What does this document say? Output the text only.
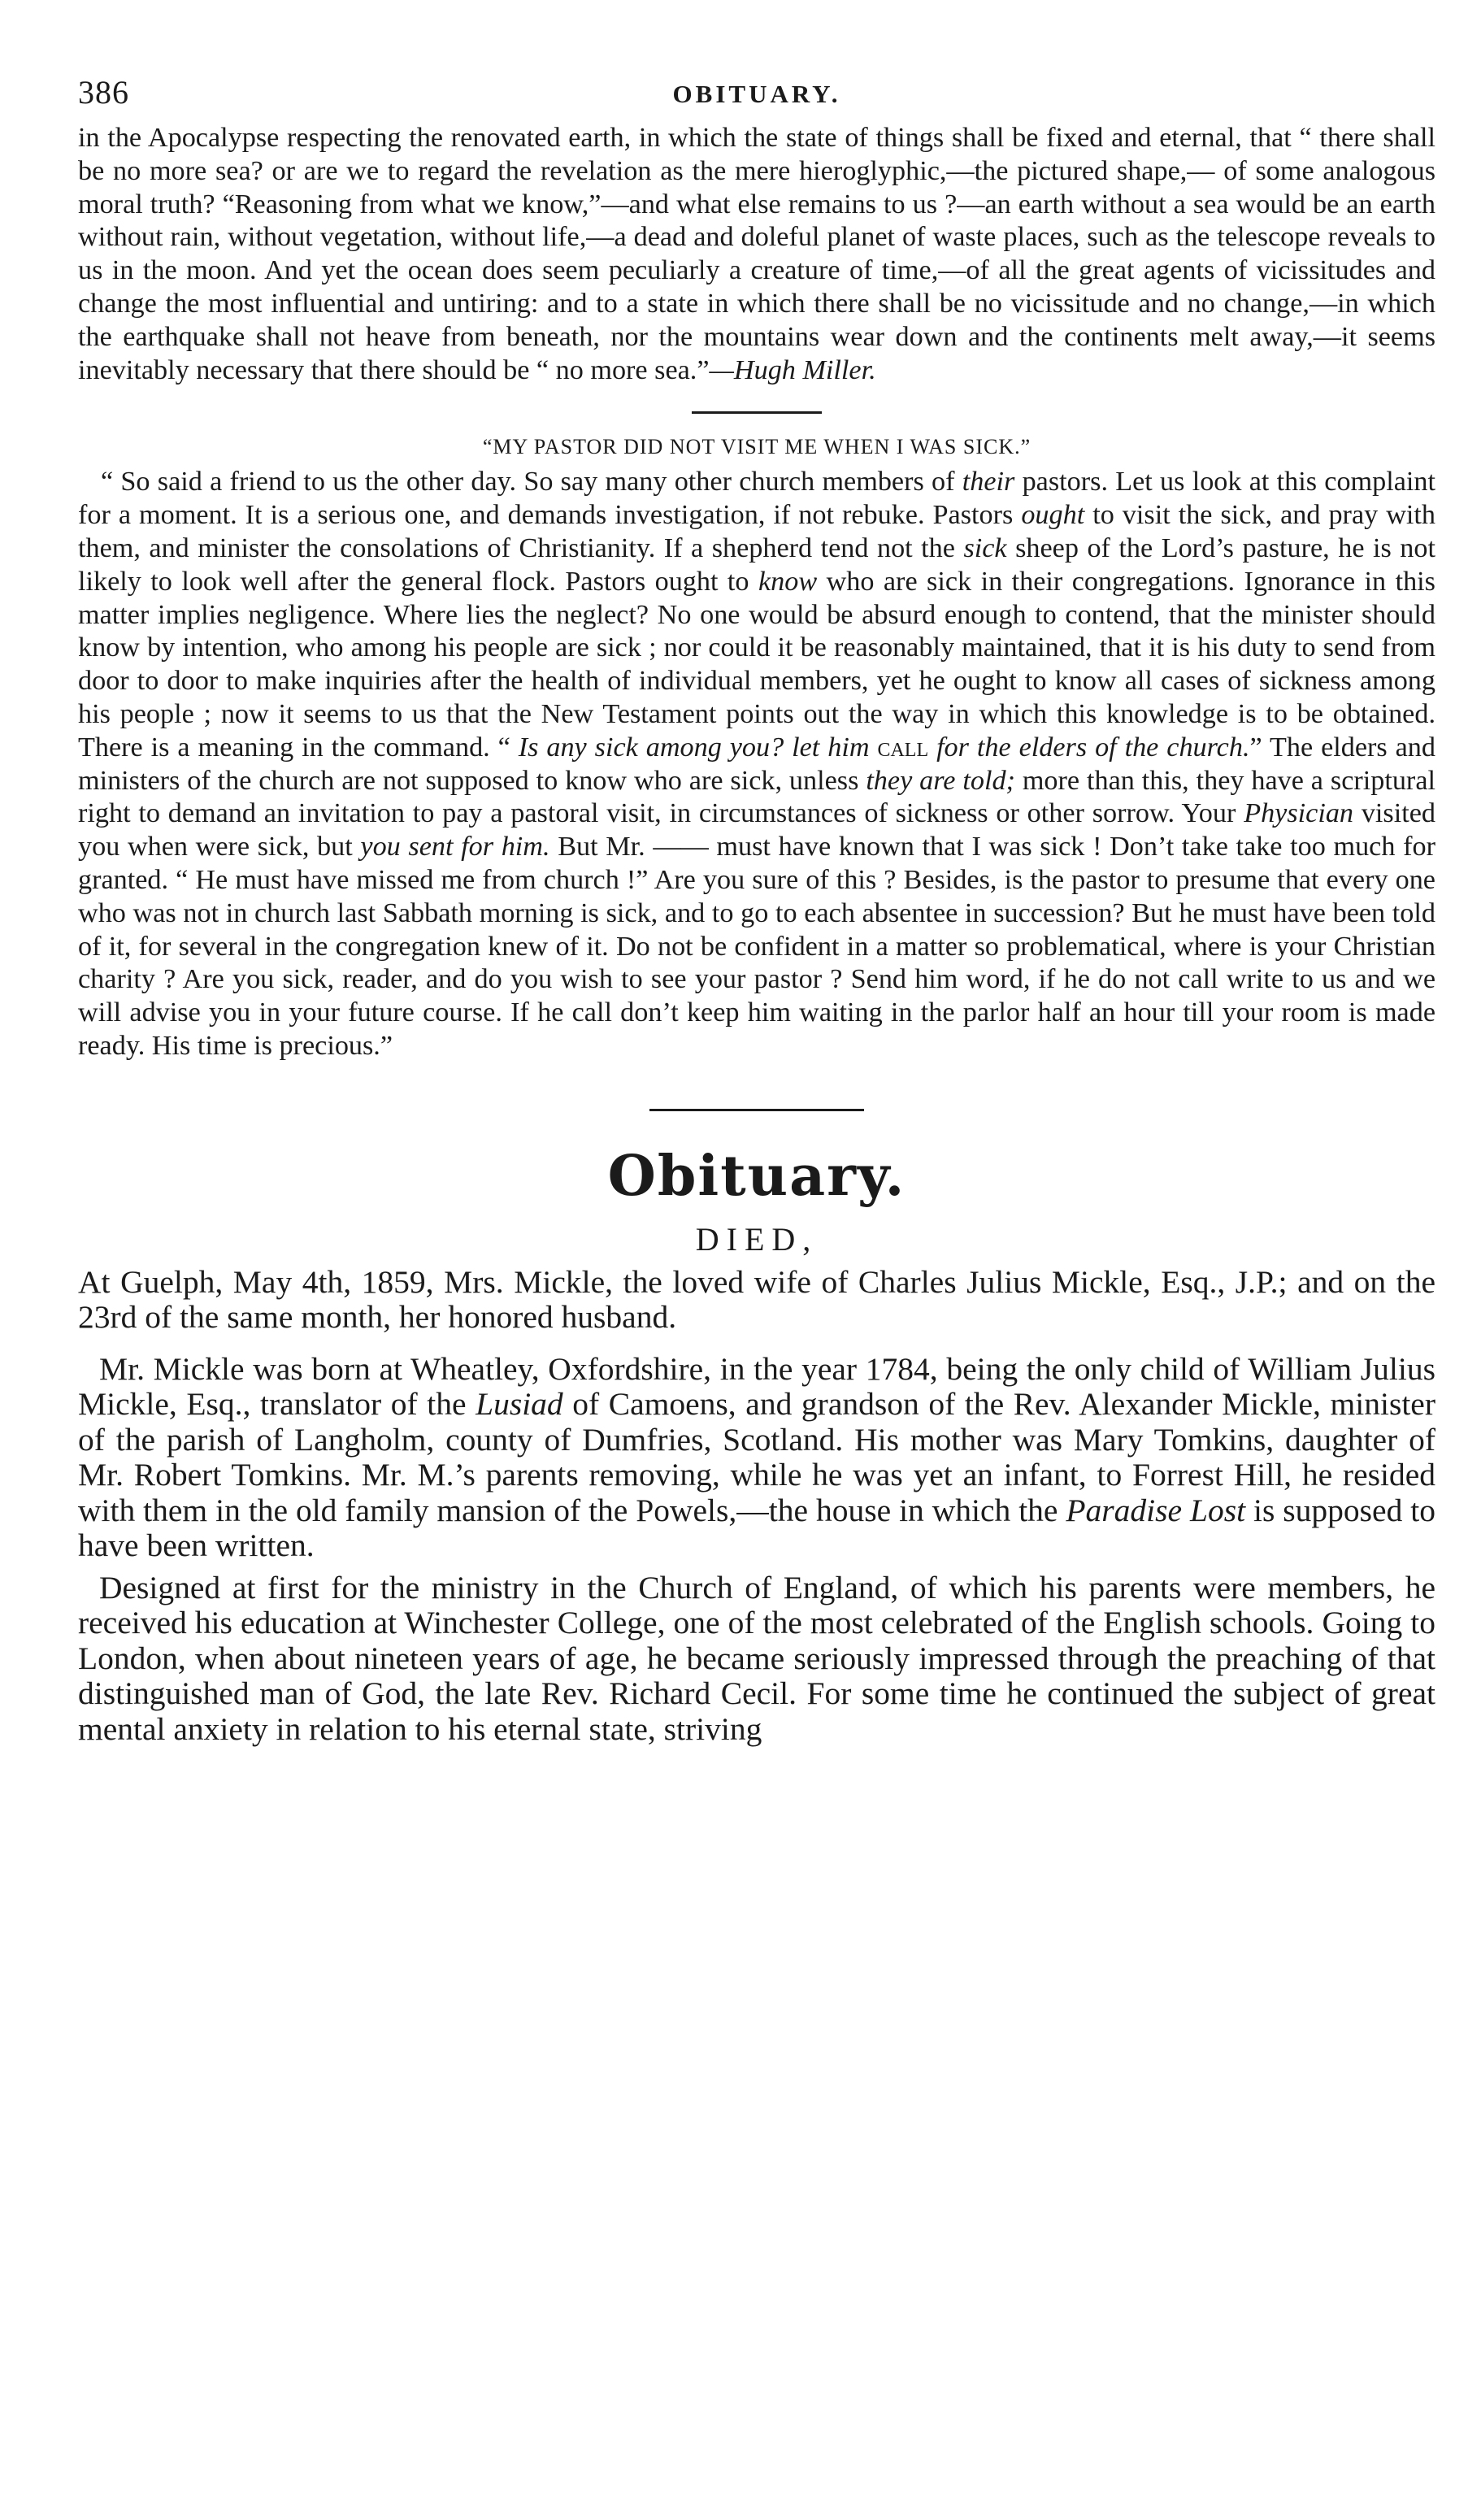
386	OBITUARY.

in the Apocalypse respecting the renovated earth, in which the state of things shall be fixed and eternal, that “ there shall be no more sea? or are we to regard the revelation as the mere hieroglyphic,—the pictured shape,— of some analogous moral truth? “Reasoning from what we know,”—and what else remains to us ?—an earth without a sea would be an earth without rain, without vegetation, without life,—a dead and doleful planet of waste places, such as the telescope reveals to us in the moon. And yet the ocean does seem peculiarly a creature of time,—of all the great agents of vicissitudes and change the most influential and untiring: and to a state in which there shall be no vicissitude and no change,—in which the earthquake shall not heave from beneath, nor the mountains wear down and the continents melt away,—it seems inevitably necessary that there should be “ no more sea.”—Hugh Miller.

“MY PASTOR DID NOT VISIT ME WHEN I WAS SICK.”

“ So said a friend to us the other day. So say many other church members of their pastors. Let us look at this complaint for a moment. It is a serious one, and demands investigation, if not rebuke. Pastors ought to visit the sick, and pray with them, and minister the consolations of Christianity. If a shepherd tend not the sick sheep of the Lord’s pasture, he is not likely to look well after the general flock. Pastors ought to know who are sick in their congregations. Ignorance in this matter implies negligence. Where lies the neglect? No one would be absurd enough to contend, that the minister should know by intention, who among his people are sick ; nor could it be reasonably maintained, that it is his duty to send from door to door to make inquiries after the health of individual members, yet he ought to know all cases of sickness among his people ; now it seems to us that the New Testament points out the way in which this knowledge is to be obtained. There is a meaning in the command. “ Is any sick among you? let him call for the elders of the church.” The elders and ministers of the church are not supposed to know who are sick, unless they are told; more than this, they have a scriptural right to demand an invitation to pay a pastoral visit, in circumstances of sickness or other sorrow. Your Physician visited you when were sick, but you sent for him. But Mr. —— must have known that I was sick ! Don’t take take too much for granted. “ He must have missed me from church !” Are you sure of this ? Besides, is the pastor to presume that every one who was not in church last Sabbath morning is sick, and to go to each absentee in succession? But he must have been told of it, for several in the congregation knew of it. Do not be confident in a matter so problematical, where is your Christian charity ? Are you sick, reader, and do you wish to see your pastor ? Send him word, if he do not call write to us and we will advise you in your future course. If he call don’t keep him waiting in the parlor half an hour till your room is made ready. His time is precious.”

Obituary.
DIED,

At Guelph, May 4th, 1859, Mrs. Mickle, the loved wife of Charles Julius Mickle, Esq., J.P.; and on the 23rd of the same month, her honored husband.

Mr. Mickle was born at Wheatley, Oxfordshire, in the year 1784, being the only child of William Julius Mickle, Esq., translator of the Lusiad of Camoens, and grandson of the Rev. Alexander Mickle, minister of the parish of Langholm, county of Dumfries, Scotland. His mother was Mary Tomkins, daughter of Mr. Robert Tomkins. Mr. M.’s parents removing, while he was yet an infant, to Forrest Hill, he resided with them in the old family mansion of the Powels,—the house in which the Paradise Lost is supposed to have been written.

Designed at first for the ministry in the Church of England, of which his parents were members, he received his education at Winchester College, one of the most celebrated of the English schools. Going to London, when about nineteen years of age, he became seriously impressed through the preaching of that distinguished man of God, the late Rev. Richard Cecil. For some time he continued the subject of great mental anxiety in relation to his eternal state, striving
